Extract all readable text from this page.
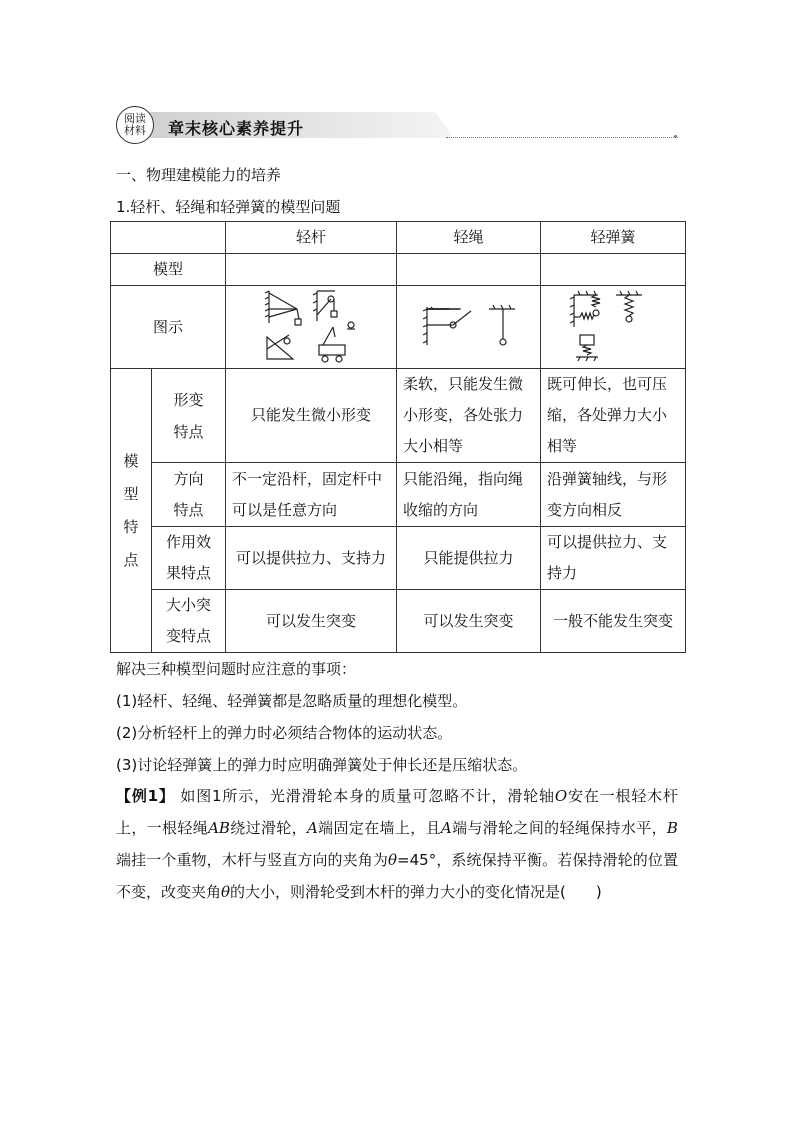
阅读
材料 章末核心素养提升
一、物理建模能力的培养
1.轻杆、轻绳和轻弹簧的模型问题
		轻杆	轻绳	轻弹簧
模型				
图示	

模型特点	形变特点	只能发生微小形变	柔软，只能发生微小形变，各处张力大小相等	既可伸长，也可压缩，各处弹力大小相等
	方向特点	不一定沿杆，固定杆中可以是任意方向	只能沿绳，指向绳收缩的方向	沿弹簧轴线，与形变方向相反
	作用效果特点	可以提供拉力、支持力	只能提供拉力	可以提供拉力、支持力
	大小突变特点	可以发生突变	可以发生突变	一般不能发生突变
解决三种模型问题时应注意的事项：
(1)轻杆、轻绳、轻弹簧都是忽略质量的理想化模型。
(2)分析轻杆上的弹力时必须结合物体的运动状态。
(3)讨论轻弹簧上的弹力时应明确弹簧处于伸长还是压缩状态。
【例1】 如图1所示，光滑滑轮本身的质量可忽略不计，滑轮轴O安在一根轻木杆上，一根轻绳AB绕过滑轮，A端固定在墙上，且A端与滑轮之间的轻绳保持水平，B端挂一个重物，木杆与竖直方向的夹角为θ=45°，系统保持平衡。若保持滑轮的位置不变，改变夹角θ的大小，则滑轮受到木杆的弹力大小的变化情况是(　　)
